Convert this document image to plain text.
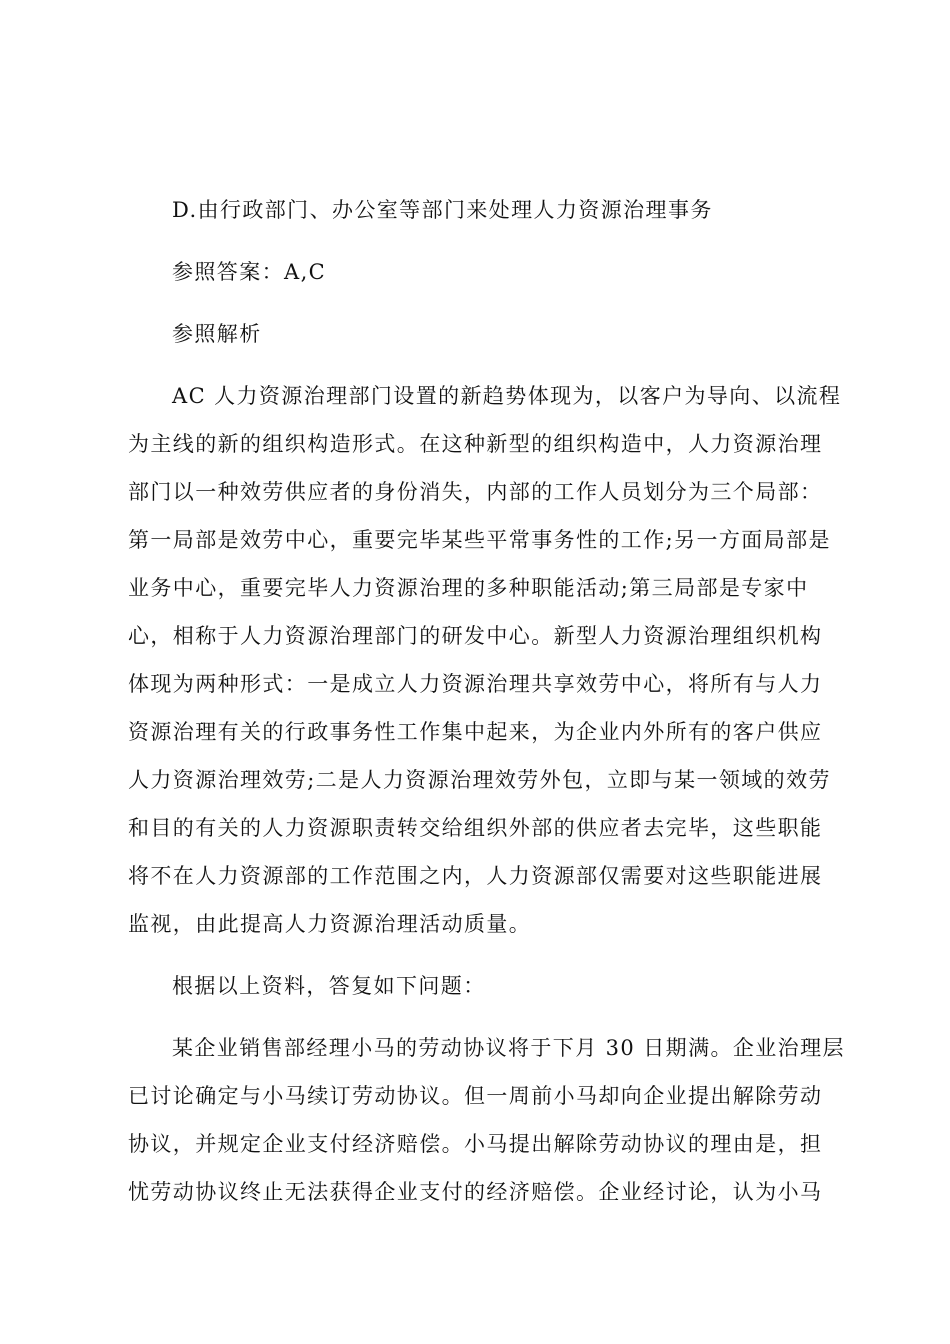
D.由行政部门、办公室等部门来处理人力资源治理事务
参照答案：A,C
参照解析
AC 人力资源治理部门设置的新趋势体现为，以客户为导向、以流程
为主线的新的组织构造形式。在这种新型的组织构造中，人力资源治理
部门以一种效劳供应者的身份消失，内部的工作人员划分为三个局部：
第一局部是效劳中心，重要完毕某些平常事务性的工作;另一方面局部是
业务中心，重要完毕人力资源治理的多种职能活动;第三局部是专家中
心，相称于人力资源治理部门的研发中心。新型人力资源治理组织机构
体现为两种形式：一是成立人力资源治理共享效劳中心，将所有与人力
资源治理有关的行政事务性工作集中起来，为企业内外所有的客户供应
人力资源治理效劳;二是人力资源治理效劳外包，立即与某一领域的效劳
和目的有关的人力资源职责转交给组织外部的供应者去完毕，这些职能
将不在人力资源部的工作范围之内，人力资源部仅需要对这些职能进展
监视，由此提高人力资源治理活动质量。
根据以上资料，答复如下问题：
某企业销售部经理小马的劳动协议将于下月 30 日期满。企业治理层
已讨论确定与小马续订劳动协议。但一周前小马却向企业提出解除劳动
协议，并规定企业支付经济赔偿。小马提出解除劳动协议的理由是，担
忧劳动协议终止无法获得企业支付的经济赔偿。企业经讨论，认为小马
